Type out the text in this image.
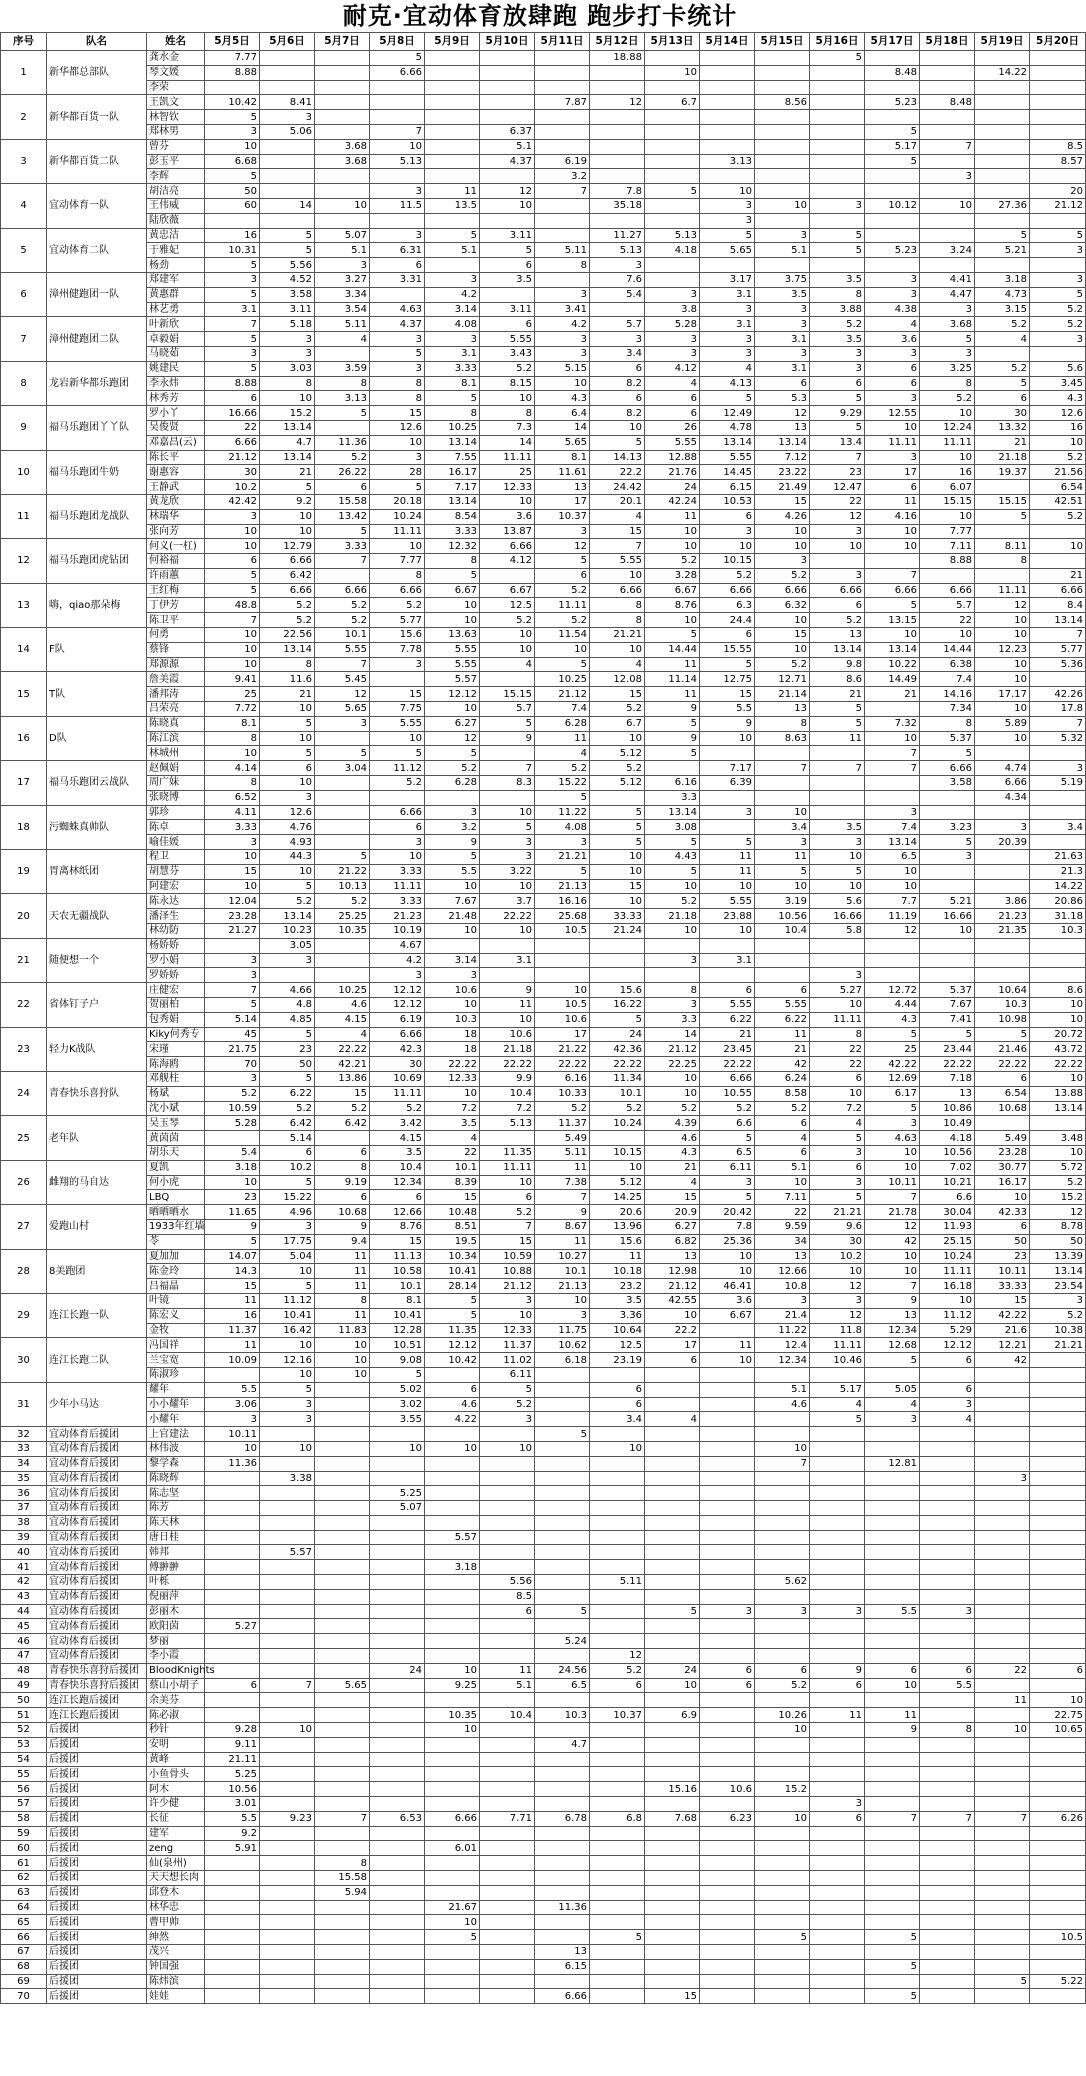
耐克·宜动体育放肆跑 跑步打卡统计
序号	队名	姓名	5月5日	5月6日	5月7日	5月8日	5月9日	5月10日	5月11日	5月12日	5月13日	5月14日	5月15日	5月16日	5月17日	5月18日	5月19日	5月20日
1	新华都总部队	龚水金	7.77			5				18.88				5				
		琴文媛	8.88			6.66					10				8.48		14.22	
		李荣																
2	新华都百货一队	王凯文	10.42	8.41					7.87	12	6.7		8.56		5.23	8.48		
		林智钦	5	3														
		郑林男	3	5.06		7		6.37							5			
3	新华都百货二队	曾芬	10		3.68	10		5.1							5.17	7		8.5
		彭玉平	6.68		3.68	5.13		4.37	6.19			3.13			5			8.57
		李辉	5						3.2							3		
4	宜动体育一队	胡洁亮	50			3	11	12	7	7.8	5	10						20
		王伟威	60	14	10	11.5	13.5	10		35.18		3	10	3	10.12	10	27.36	21.12
		陆欣薇										3						
5	宜动体育二队	黄忠洁	16	5	5.07	3	5	3.11		11.27	5.13	5	3	5			5	5
		于雅妃	10.31	5	5.1	6.31	5.1	5	5.11	5.13	4.18	5.65	5.1	5	5.23	3.24	5.21	3
		杨劲	5	5.56	3	6		6	8	3								
6	漳州健跑团一队	郑建军	3	4.52	3.27	3.31	3	3.5		7.6		3.17	3.75	3.5	3	4.41	3.18	3
		黄惠群	5	3.58	3.34		4.2		3	5.4	3	3.1	3.5	8	3	4.47	4.73	5
		林艺勇	3.1	3.11	3.54	4.63	3.14	3.11	3.41		3.8	3	3	3.88	4.38	3	3.15	5.2
7	漳州健跑团二队	叶新欣	7	5.18	5.11	4.37	4.08	6	4.2	5.7	5.28	3.1	3	5.2	4	3.68	5.2	5.2
		卓毅娟	5	3	4	3	3	5.55	3	3	3	3	3.1	3.5	3.6	5	4	3
		马晓茹	3	3		5	3.1	3.43	3	3.4	3	3	3	3	3	3		
8	龙岩新华都乐跑团	姚建民	5	3.03	3.59	3	3.33	5.2	5.15	6	4.12	4	3.1	3	6	3.25	5.2	5.6
		李永炜	8.88	8	8	8	8.1	8.15	10	8.2	4	4.13	6	6	6	8	5	3.45
		林秀芳	6	10	3.13	8	5	10	4.3	6	6	5	5.3	5	3	5.2	6	4.3
9	福马乐跑团丫丫队	罗小丫	16.66	15.2	5	15	8	8	6.4	8.2	6	12.49	12	9.29	12.55	10	30	12.6
		吴俊贤	22	13.14		12.6	10.25	7.3	14	10	26	4.78	13	5	10	12.24	13.32	16
		邓嘉昌(云)	6.66	4.7	11.36	10	13.14	14	5.65	5	5.55	13.14	13.14	13.4	11.11	11.11	21	10
10	福马乐跑团牛奶	陈长平	21.12	13.14	5.2	3	7.55	11.11	8.1	14.13	12.88	5.55	7.12	7	3	10	21.18	5.2
		谢惠容	30	21	26.22	28	16.17	25	11.61	22.2	21.76	14.45	23.22	23	17	16	19.37	21.56
		王静武	10.2	5	6	5	7.17	12.33	13	24.42	24	6.15	21.49	12.47	6	6.07		6.54
11	福马乐跑团龙战队	黄龙欣	42.42	9.2	15.58	20.18	13.14	10	17	20.1	42.24	10.53	15	22	11	15.15	15.15	42.51
		林瑞华	3	10	13.42	10.24	8.54	3.6	10.37	4	11	6	4.26	12	4.16	10	5	5.2
		张向芳	10	10	5	11.11	3.33	13.87	3	15	10	3	10	3	10	7.77		
12	福马乐跑团虎钻团	何义(一杠)	10	12.79	3.33	10	12.32	6.66	12	7	10	10	10	10	10	7.11	8.11	10
		何裕福	6	6.66	7	7.77	8	4.12	5	5.55	5.2	10.15	3			8.88	8	
		许雨蕙	5	6.42		8	5		6	10	3.28	5.2	5.2	3	7			21
13	嗨，qiao那朵梅	王红梅	5	6.66	6.66	6.66	6.67	6.67	5.2	6.66	6.67	6.66	6.66	6.66	6.66	6.66	11.11	6.66
		丁伊芳	48.8	5.2	5.2	5.2	10	12.5	11.11	8	8.76	6.3	6.32	6	5	5.7	12	8.4
		陈卫平	7	5.2	5.2	5.77	10	5.2	5.2	8	10	24.4	10	5.2	13.15	22	10	13.14
14	F队	何勇	10	22.56	10.1	15.6	13.63	10	11.54	21.21	5	6	15	13	10	10	10	7
		蔡锋	10	13.14	5.55	7.78	5.55	10	10	10	14.44	15.55	10	13.14	13.14	14.44	12.23	5.77
		郑源源	10	8	7	3	5.55	4	5	4	11	5	5.2	9.8	10.22	6.38	10	5.36
15	T队	詹美霞	9.41	11.6	5.45		5.57		10.25	12.08	11.14	12.75	12.71	8.6	14.49	7.4	10	
		潘邦涛	25	21	12	15	12.12	15.15	21.12	15	11	15	21.14	21	21	14.16	17.17	42.26
		吕荣亮	7.72	10	5.65	7.75	10	5.7	7.4	5.2	9	5.5	13	5		7.34	10	17.8
16	D队	陈晓真	8.1	5	3	5.55	6.27	5	6.28	6.7	5	9	8	5	7.32	8	5.89	7
		陈江滨	8	10		10	12	9	11	10	9	10	8.63	11	10	5.37	10	5.32
		林城州	10	5	5	5	5		4	5.12	5				7	5		
17	福马乐跑团云战队	赵佩娟	4.14	6	3.04	11.12	5.2	7	5.2	5.2		7.17	7	7	7	6.66	4.74	3
		周广妹	8	10		5.2	6.28	8.3	15.22	5.12	6.16	6.39				3.58	6.66	5.19
		张晓博	6.52	3					5		3.3						4.34	
18	污蜘蛛真帅队	郭珍	4.11	12.6		6.66	3	10	11.22	5	13.14	3	10		3			
		陈卓	3.33	4.76		6	3.2	5	4.08	5	3.08		3.4	3.5	7.4	3.23	3	3.4
		喻佳媛	3	4.93		3	9	3	3	5	5	5	3	3	13.14	5	20.39	
19	胃离林纸团	程卫	10	44.3	5	10	5	3	21.21	10	4.43	11	11	10	6.5	3		21.63
		胡慧芬	15	10	21.22	3.33	5.5	3.22	5	10	5	11	5	5	10			21.3
		阿建宏	10	5	10.13	11.11	10	10	21.13	15	10	10	10	10	10			14.22
20	天农无疆战队	陈永达	12.04	5.2	5.2	3.33	7.67	3.7	16.16	10	5.2	5.55	3.19	5.6	7.7	5.21	3.86	20.86
		潘泽生	23.28	13.14	25.25	21.23	21.48	22.22	25.68	33.33	21.18	23.88	10.56	16.66	11.19	16.66	21.23	31.18
		林幼防	21.27	10.23	10.35	10.19	10	10	10.5	21.24	10	10	10.4	5.8	12	10	21.35	10.3
21	随便想一个	杨娇娇		3.05		4.67												
		罗小娟	3	3		4.2	3.14	3.1			3	3.1						
		罗娇娇	3			3	3							3				
22	省体钉子户	庄健宏	7	4.66	10.25	12.12	10.6	9	10	15.6	8	6	6	5.27	12.72	5.37	10.64	8.6
		贺丽柏	5	4.8	4.6	12.12	10	11	10.5	16.22	3	5.55	5.55	10	4.44	7.67	10.3	10
		包秀娟	5.14	4.85	4.15	6.19	10.3	10	10.6	5	3.3	6.22	6.22	11.11	4.3	7.41	10.98	10
23	轻力K战队	Kiky何秀专	45	5	4	6.66	18	10.6	17	24	14	21	11	8	5	5	5	20.72
		宋瑾	21.75	23	22.22	42.3	18	21.18	21.22	42.36	21.12	23.45	21	22	25	23.44	21.46	43.72
		陈海鸥	70	50	42.21	30	22.22	22.22	22.22	22.22	22.25	22.22	42	22	42.22	22.22	22.22	22.22
24	青春快乐喜狩队	邓舰柱	3	5	13.86	10.69	12.33	9.9	6.16	11.34	10	6.66	6.24	6	12.69	7.18	6	10
		杨斌	5.2	6.22	15	11.11	10	10.4	10.33	10.1	10	10.55	8.58	10	6.17	13	6.54	13.88
		沈小斌	10.59	5.2	5.2	5.2	7.2	7.2	5.2	5.2	5.2	5.2	5.2	7.2	5	10.86	10.68	13.14
25	老年队	吴玉琴	5.28	6.42	6.42	3.42	3.5	5.13	11.37	10.24	4.39	6.6	6	4	3	10.49		
		黄茵茵		5.14		4.15	4		5.49		4.6	5	4	5	4.63	4.18	5.49	3.48
		胡乐天	5.4	6	6	3.5	22	11.35	5.11	10.15	4.3	6.5	6	3	10	10.56	23.28	10
26	雌翔的马自达	夏凯	3.18	10.2	8	10.4	10.1	11.11	11	10	21	6.11	5.1	6	10	7.02	30.77	5.72
		何小虎	10	5	9.19	12.34	8.39	10	7.38	5.12	4	3	10	3	10.11	10.21	16.17	5.2
		LBQ	23	15.22	6	6	15	6	7	14.25	15	5	7.11	5	7	6.6	10	15.2
27	爱跑山村	晒晒晒水	11.65	4.96	10.68	12.66	10.48	5.2	9	20.6	20.9	20.42	22	21.21	21.78	30.04	42.33	12
		1933年红墙	9	3	9	8.76	8.51	7	8.67	13.96	6.27	7.8	9.59	9.6	12	11.93	6	8.78
		苓	5	17.75	9.4	15	19.5	15	11	15.6	6.82	25.36	34	30	42	25.15	50	50
28	8美跑团	夏加加	14.07	5.04	11	11.13	10.34	10.59	10.27	11	13	10	13	10.2	10	10.24	23	13.39
		陈金玲	14.3	10	11	10.58	10.41	10.88	10.1	10.18	12.98	10	12.66	10	10	11.11	10.11	13.14
		吕福晶	15	5	11	10.1	28.14	21.12	21.13	23.2	21.12	46.41	10.8	12	7	16.18	33.33	23.54
29	连江长跑一队	叶镜	11	11.12	8	8.1	5	3	10	3.5	42.55	3.6	3	3	9	10	15	3
		陈宏义	16	10.41	11	10.41	5	10	3	3.36	10	6.67	21.4	12	13	11.12	42.22	5.2
		金牧	11.37	16.42	11.83	12.28	11.35	12.33	11.75	10.64	22.2		11.22	11.8	12.34	5.29	21.6	10.38
30	连江长跑二队	冯国祥	11	10	10	10.51	12.12	11.37	10.62	12.5	17	11	12.4	11.11	12.68	12.12	12.21	21.21
		兰宝宽	10.09	12.16	10	9.08	10.42	11.02	6.18	23.19	6	10	12.34	10.46	5	6	42	
		陈淑珍		10	10	5		6.11										
31	少年小马达	耀年	5.5	5		5.02	6	5		6			5.1	5.17	5.05	6		
		小小耀年	3.06	3		3.02	4.6	5.2		6			4.6	4	4	3		
		小耀年	3	3		3.55	4.22	3		3.4	4			5	3	4		
32	宜动体育后援团	上官建法	10.11						5									
33	宜动体育后援团	林伟波	10	10		10	10	10		10			10					
34	宜动体育后援团	黎学森	11.36										7		12.81			
35	宜动体育后援团	陈晓辉		3.38													3	
36	宜动体育后援团	陈志坚				5.25												
37	宜动体育后援团	陈芳				5.07												
38	宜动体育后援团	陈天林																
39	宜动体育后援团	唐日桂					5.57											
40	宜动体育后援团	韩邦		5.57														
41	宜动体育后援团	傅翀翀					3.18											
42	宜动体育后援团	叶栎						5.56		5.11			5.62					
43	宜动体育后援团	倪丽萍						8.5										
44	宜动体育后援团	彭丽木						6	5		5	3	3	3	5.5	3		
45	宜动体育后援团	欧阳茵	5.27															
46	宜动体育后援团	梦丽							5.24									
47	宜动体育后援团	李小霞								12								
48	青春快乐喜狩后援团	BloodKnights				24	10	11	24.56	5.2	24	6	6	9	6	6	22	6
49	青春快乐喜狩后援团	蔡山小胡子	6	7	5.65		9.25	5.1	6.5	6	10	6	5.2	6	10	5.5		
50	连江长跑后援团	余美芬															11	10
51	连江长跑后援团	陈必淑					10.35	10.4	10.3	10.37	6.9		10.26	11	11			22.75
52	后援团	秒针	9.28	10			10						10		9	8	10	10.65
53	后援团	安明	9.11						4.7									
54	后援团	黄峰	21.11															
55	后援团	小鱼骨头	5.25															
56	后援团	阿木	10.56								15.16	10.6	15.2					
57	后援团	许少健	3.01											3				
58	后援团	长征	5.5	9.23	7	6.53	6.66	7.71	6.78	6.8	7.68	6.23	10	6	7	7	7	6.26
59	后援团	建军	9.2															
60	后援团	zeng	5.91				6.01											
61	后援团	仙(泉州)			8													
62	后援团	天天想长肉			15.58													
63	后援团	邱登木			5.94													
64	后援团	林华忠					21.67		11.36									
65	后援团	曹甲帅					10											
66	后援团	绅然					5			5			5		5			10.5
67	后援团	茂兴							13									
68	后援团	钟国强							6.15						5			
69	后援团	陈炜滨															5	5.22
70	后援团	娃娃							6.66		15				5			
